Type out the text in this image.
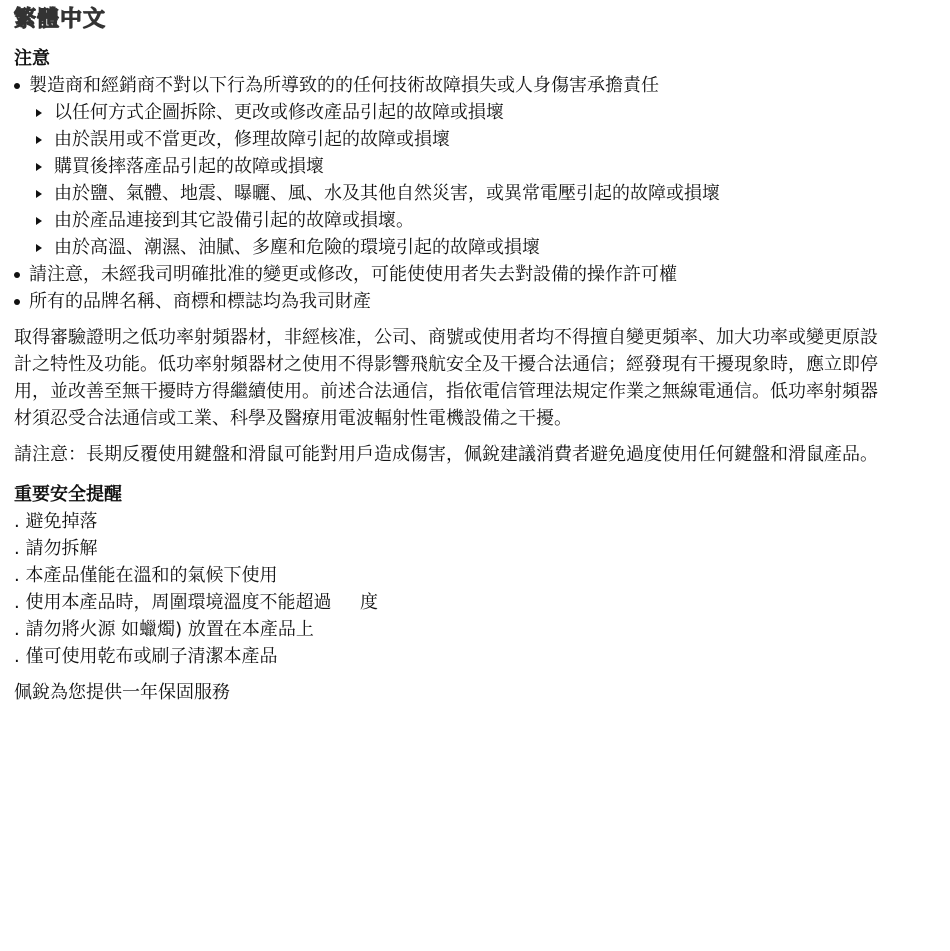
繁體中文

注意

製造商和經銷商不對以下行為所導致的的任何技術故障損失或人身傷害承擔責任

以任何方式企圖拆除、更改或修改產品引起的故障或損壞

由於誤用或不當更改，修理故障引起的故障或損壞

購買後摔落產品引起的故障或損壞

由於鹽、氣體、地震、曝曬、風、水及其他自然災害，或異常電壓引起的故障或損壞

由於產品連接到其它設備引起的故障或損壞。

由於高溫、潮濕、油膩、多塵和危險的環境引起的故障或損壞

請注意，未經我司明確批准的變更或修改，可能使使用者失去對設備的操作許可權

所有的品牌名稱、商標和標誌均為我司財產

取得審驗證明之低功率射頻器材，非經核准，公司、商號或使用者均不得擅自變更頻率、加大功率或變更原設計之特性及功能。低功率射頻器材之使用不得影響飛航安全及干擾合法通信；經發現有干擾現象時，應立即停用，並改善至無干擾時方得繼續使用。前述合法通信，指依電信管理法規定作業之無線電通信。低功率射頻器材須忍受合法通信或工業、科學及醫療用電波輻射性電機設備之干擾。

請注意：長期反覆使用鍵盤和滑鼠可能對用戶造成傷害，佩銳建議消費者避免過度使用任何鍵盤和滑鼠產品。

重要安全提醒

. 避免掉落

. 請勿拆解

. 本產品僅能在溫和的氣候下使用

. 使用本產品時，周圍環境溫度不能超過     度

. 請勿將火源 如蠟燭) 放置在本產品上

. 僅可使用乾布或刷子清潔本產品

佩銳為您提供一年保固服務
